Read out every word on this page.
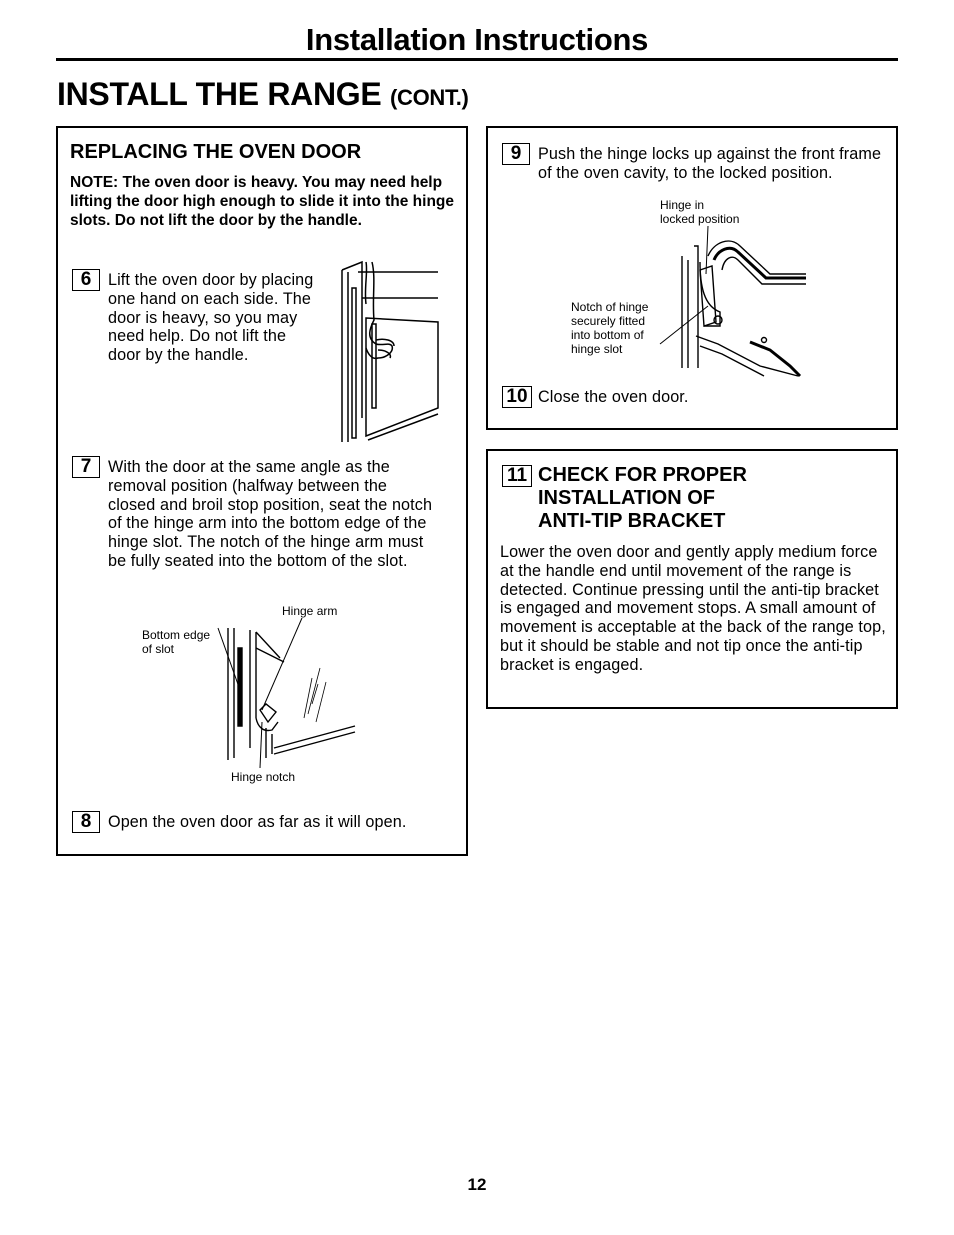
Installation Instructions
INSTALL THE RANGE (CONT.)
REPLACING THE OVEN DOOR
NOTE: The oven door is heavy. You may need help lifting the door high enough to slide it into the hinge slots. Do not lift the door by the handle.
6	Lift the oven door by placing one hand on each side. The door is heavy, so you may need help. Do not lift the door by the handle.
7	With the door at the same angle as the removal position (halfway between the closed and broil stop position, seat the notch of the hinge arm into the bottom edge of the hinge slot. The notch of the hinge arm must be fully seated into the bottom of the slot.
Hinge arm
Bottom edge
of slot
Hinge notch
8	Open the oven door as far as it will open.
9	Push the hinge locks up against the front frame of the oven cavity, to the locked position.
Hinge in
locked position
Notch of hinge
securely fitted
into bottom of
hinge slot
10 Close the oven door.
11 CHECK FOR PROPER
INSTALLATION OF
ANTI-TIP BRACKET
Lower the oven door and gently apply medium force at the handle end until movement of the range is detected. Continue pressing until the anti-tip bracket is engaged and movement stops. A small amount of movement is acceptable at the back of the range top, but it should be stable and not tip once the anti-tip bracket is engaged.
12
